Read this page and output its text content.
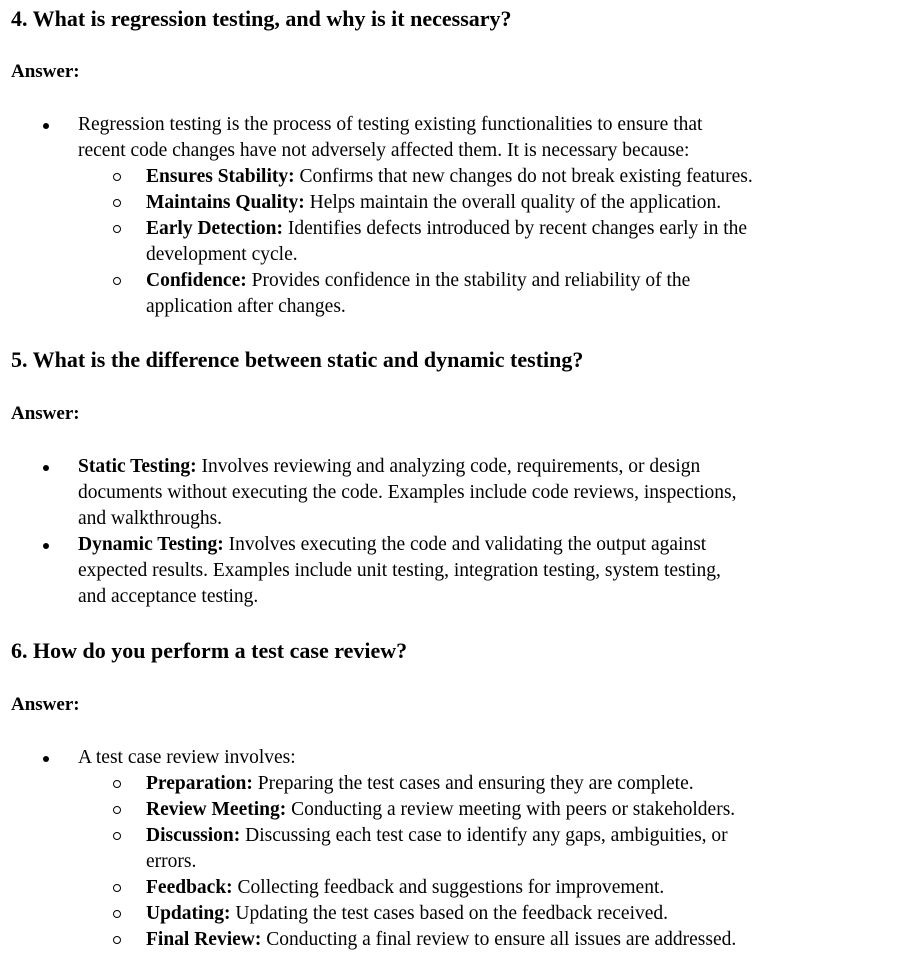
4. What is regression testing, and why is it necessary?
Answer:
Regression testing is the process of testing existing functionalities to ensure that
recent code changes have not adversely affected them. It is necessary because:
Ensures Stability: Confirms that new changes do not break existing features.
Maintains Quality: Helps maintain the overall quality of the application.
Early Detection: Identifies defects introduced by recent changes early in the
development cycle.
Confidence: Provides confidence in the stability and reliability of the
application after changes.
5. What is the difference between static and dynamic testing?
Answer:
Static Testing: Involves reviewing and analyzing code, requirements, or design
documents without executing the code. Examples include code reviews, inspections,
and walkthroughs.
Dynamic Testing: Involves executing the code and validating the output against
expected results. Examples include unit testing, integration testing, system testing,
and acceptance testing.
6. How do you perform a test case review?
Answer:
A test case review involves:
Preparation: Preparing the test cases and ensuring they are complete.
Review Meeting: Conducting a review meeting with peers or stakeholders.
Discussion: Discussing each test case to identify any gaps, ambiguities, or
errors.
Feedback: Collecting feedback and suggestions for improvement.
Updating: Updating the test cases based on the feedback received.
Final Review: Conducting a final review to ensure all issues are addressed.
